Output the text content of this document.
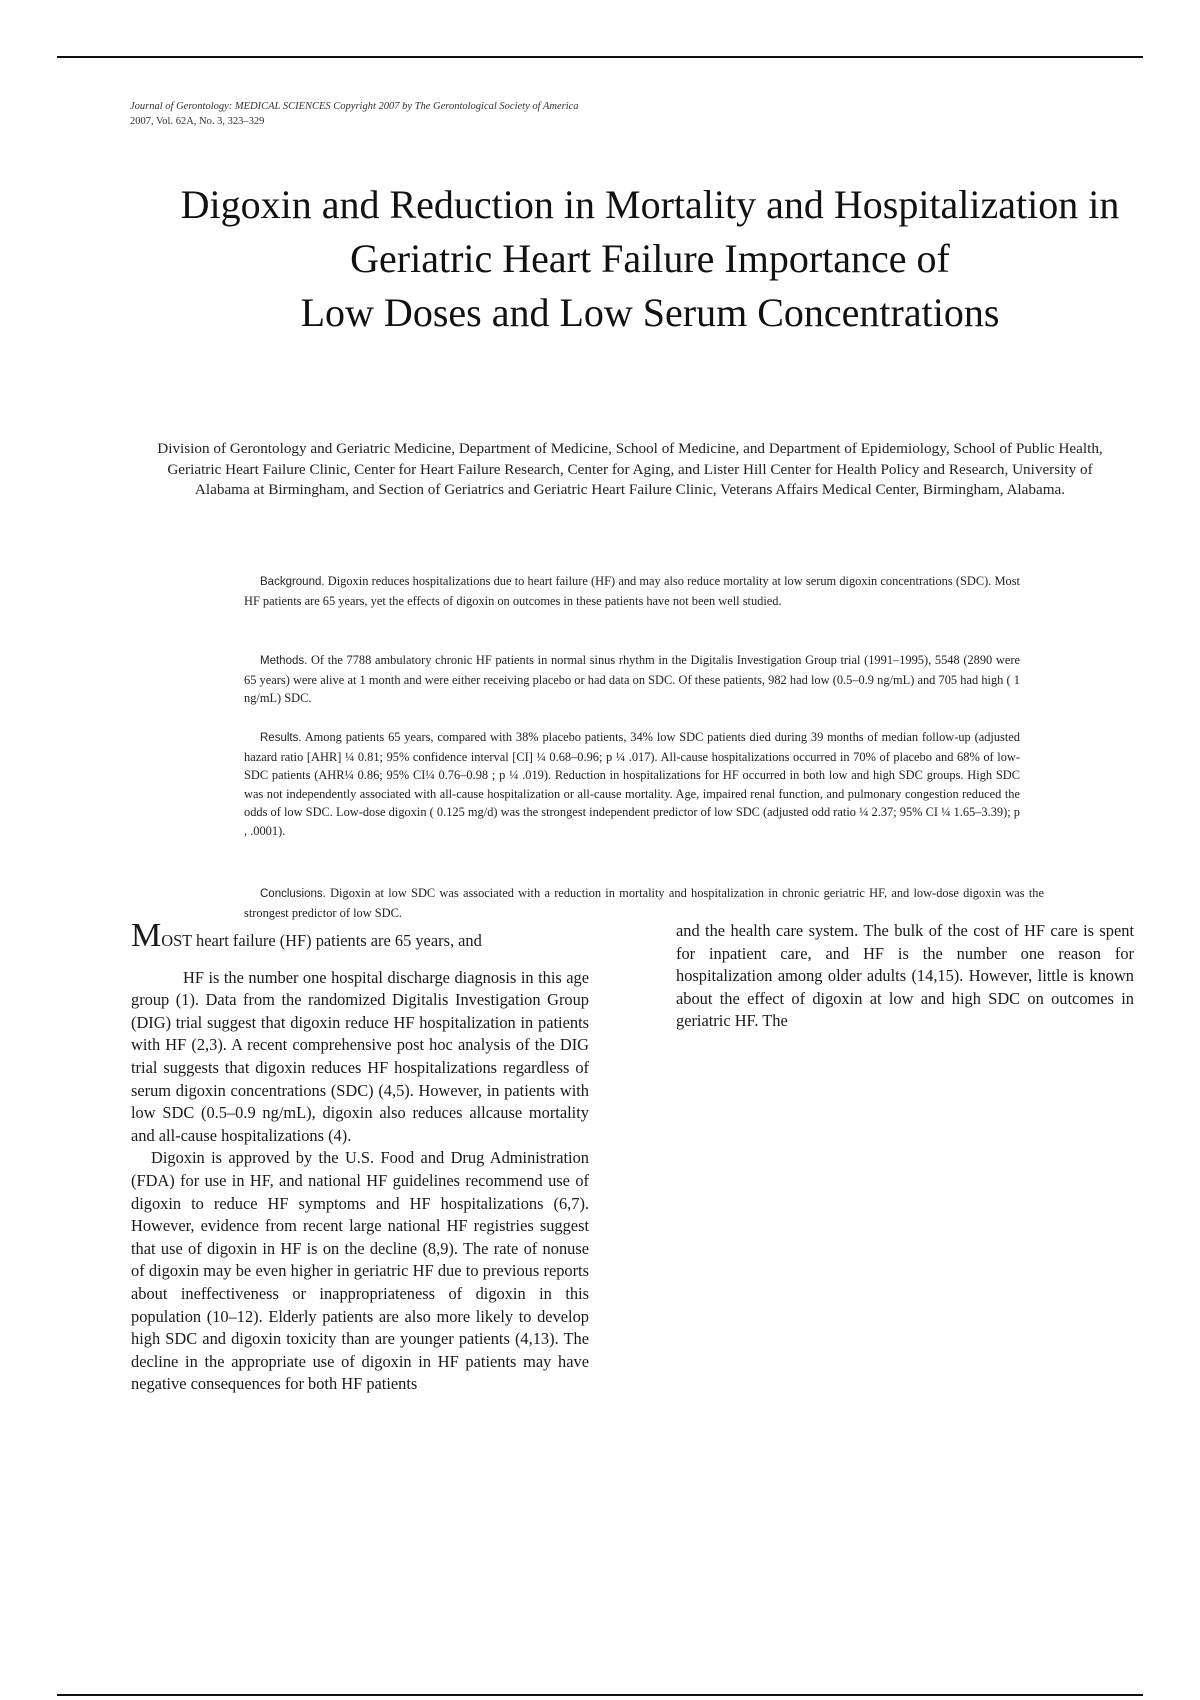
Journal of Gerontology: MEDICAL SCIENCES Copyright 2007 by The Gerontological Society of America
2007, Vol. 62A, No. 3, 323–329
Digoxin and Reduction in Mortality and Hospitalization in
Geriatric Heart Failure Importance of
Low Doses and Low Serum Concentrations
Division of Gerontology and Geriatric Medicine, Department of Medicine, School of Medicine, and Department of Epidemiology, School of Public Health, Geriatric Heart Failure Clinic, Center for Heart Failure Research, Center for Aging, and Lister Hill Center for Health Policy and Research, University of Alabama at Birmingham, and Section of Geriatrics and Geriatric Heart Failure Clinic, Veterans Affairs Medical Center, Birmingham, Alabama.

Background. Digoxin reduces hospitalizations due to heart failure (HF) and may also reduce mortality at low serum digoxin concentrations (SDC). Most HF patients are 65 years, yet the effects of digoxin on outcomes in these patients have not been well studied.

Methods. Of the 7788 ambulatory chronic HF patients in normal sinus rhythm in the Digitalis Investigation Group trial (1991–1995), 5548 (2890 were 65 years) were alive at 1 month and were either receiving placebo or had data on SDC. Of these patients, 982 had low (0.5–0.9 ng/mL) and 705 had high ( 1 ng/mL) SDC.

Results. Among patients 65 years, compared with 38% placebo patients, 34% low SDC patients died during 39 months of median follow-up (adjusted hazard ratio [AHR] ¼ 0.81; 95% confidence interval [CI] ¼ 0.68–0.96; p ¼ .017). All-cause hospitalizations occurred in 70% of placebo and 68% of low-SDC patients (AHR¼ 0.86; 95% CI¼ 0.76–0.98 ; p ¼ .019). Reduction in hospitalizations for HF occurred in both low and high SDC groups. High SDC was not independently associated with all-cause hospitalization or all-cause mortality. Age, impaired renal function, and pulmonary congestion reduced the odds of low SDC. Low-dose digoxin ( 0.125 mg/d) was the strongest independent predictor of low SDC (adjusted odd ratio ¼ 2.37; 95% CI ¼ 1.65–3.39); p , .0001).

Conclusions. Digoxin at low SDC was associated with a reduction in mortality and hospitalization in chronic geriatric HF, and low-dose digoxin was the strongest predictor of low SDC.

MOST heart failure (HF) patients are 65 years, and

HF is the number one hospital discharge diagnosis in this age group (1). Data from the randomized Digitalis Investigation Group (DIG) trial suggest that digoxin reduce HF hospitalization in patients with HF (2,3). A recent comprehensive post hoc analysis of the DIG trial suggests that digoxin reduces HF hospitalizations regardless of serum digoxin concentrations (SDC) (4,5). However, in patients with low SDC (0.5–0.9 ng/mL), digoxin also reduces allcause mortality and all-cause hospitalizations (4).

Digoxin is approved by the U.S. Food and Drug Administration (FDA) for use in HF, and national HF guidelines recommend use of digoxin to reduce HF symptoms and HF hospitalizations (6,7). However, evidence from recent large national HF registries suggest that use of digoxin in HF is on the decline (8,9). The rate of nonuse of digoxin may be even higher in geriatric HF due to previous reports about ineffectiveness or inappropriateness of digoxin in this population (10–12). Elderly patients are also more likely to develop high SDC and digoxin toxicity than are younger patients (4,13). The decline in the appropriate use of digoxin in HF patients may have negative consequences for both HF patients

and the health care system. The bulk of the cost of HF care is spent for inpatient care, and HF is the number one reason for hospitalization among older adults (14,15). However, little is known about the effect of digoxin at low and high SDC on outcomes in geriatric HF. The
